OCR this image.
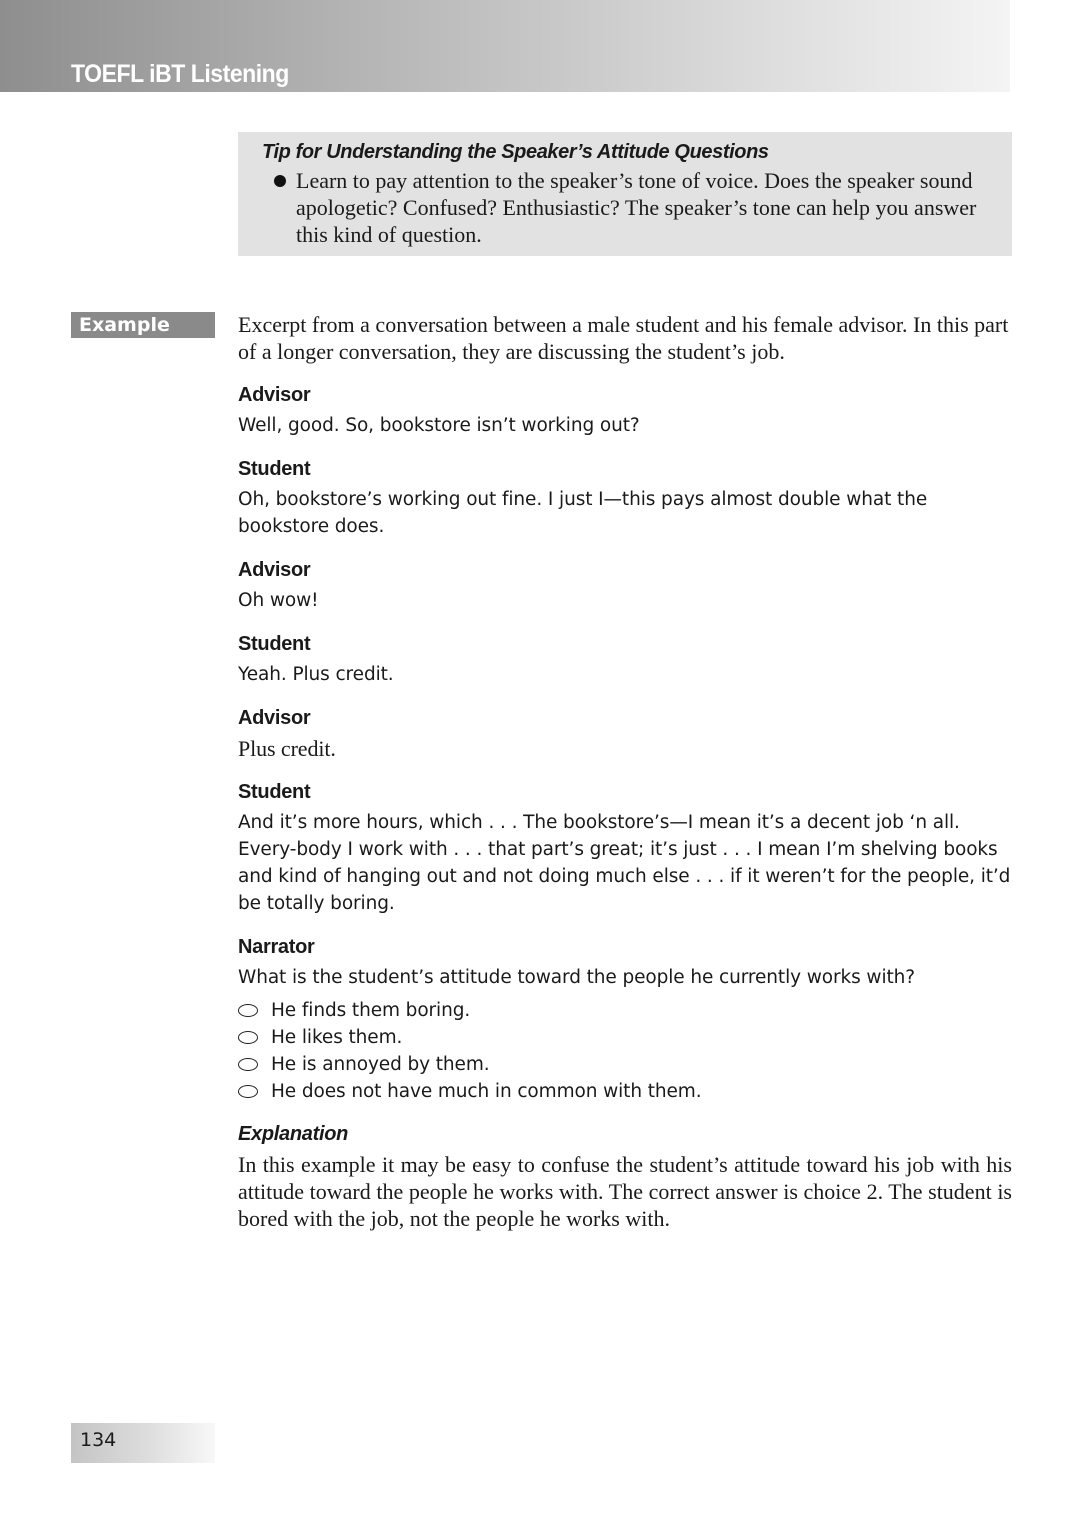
TOEFL iBT Listening
Tip for Understanding the Speaker’s Attitude Questions
Learn to pay attention to the speaker’s tone of voice. Does the speaker sound apologetic? Confused? Enthusiastic? The speaker’s tone can help you answer this kind of question.
Example	Excerpt from a conversation between a male student and his female advisor. In this part of a longer conversation, they are discussing the student’s job.

Advisor
Well, good. So, bookstore isn’t working out?
Student
Oh, bookstore’s working out fine. I just I—this pays almost double what the bookstore does.
Advisor
Oh wow!
Student
Yeah. Plus credit.
Advisor
Plus credit.
Student
And it’s more hours, which . . . The bookstore’s—I mean it’s a decent job ‘n all. Every-body I work with . . . that part’s great; it’s just . . . I mean I’m shelving books and kind of hanging out and not doing much else . . . if it weren’t for the people, it’d be totally boring.
Narrator
What is the student’s attitude toward the people he currently works with?
He finds them boring.
He likes them.
He is annoyed by them.
He does not have much in common with them.
Explanation
In this example it may be easy to confuse the student’s attitude toward his job with his attitude toward the people he works with. The correct answer is choice 2. The student is bored with the job, not the people he works with.
134
